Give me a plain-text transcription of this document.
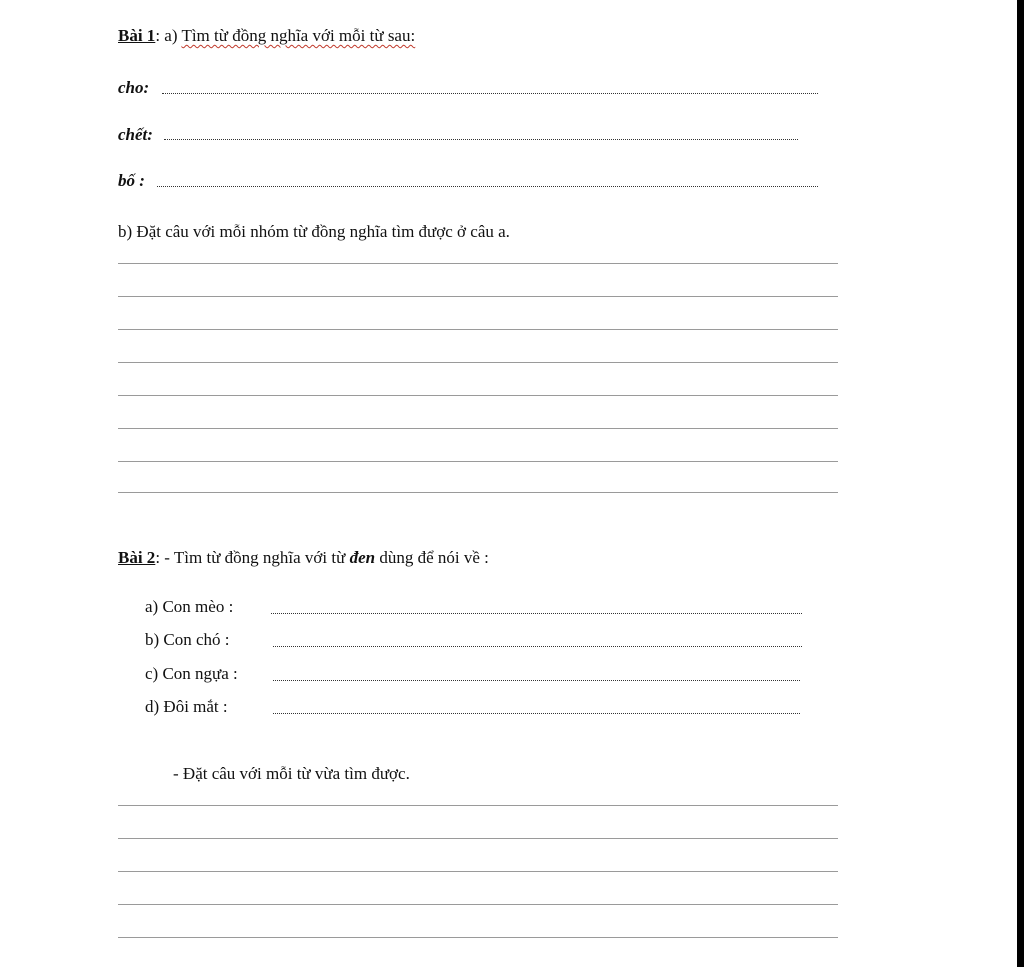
Bài 1: a) Tìm từ đồng nghĩa với mỗi từ sau:
cho:
chết:
bố :
b) Đặt câu với mỗi nhóm từ đồng nghĩa tìm được ở câu a.
Bài 2: - Tìm từ đồng nghĩa với từ đen dùng để nói về :
a) Con mèo :
b) Con chó :
c) Con ngựa :
d) Đôi mắt :
- Đặt câu với mỗi từ vừa tìm được.
